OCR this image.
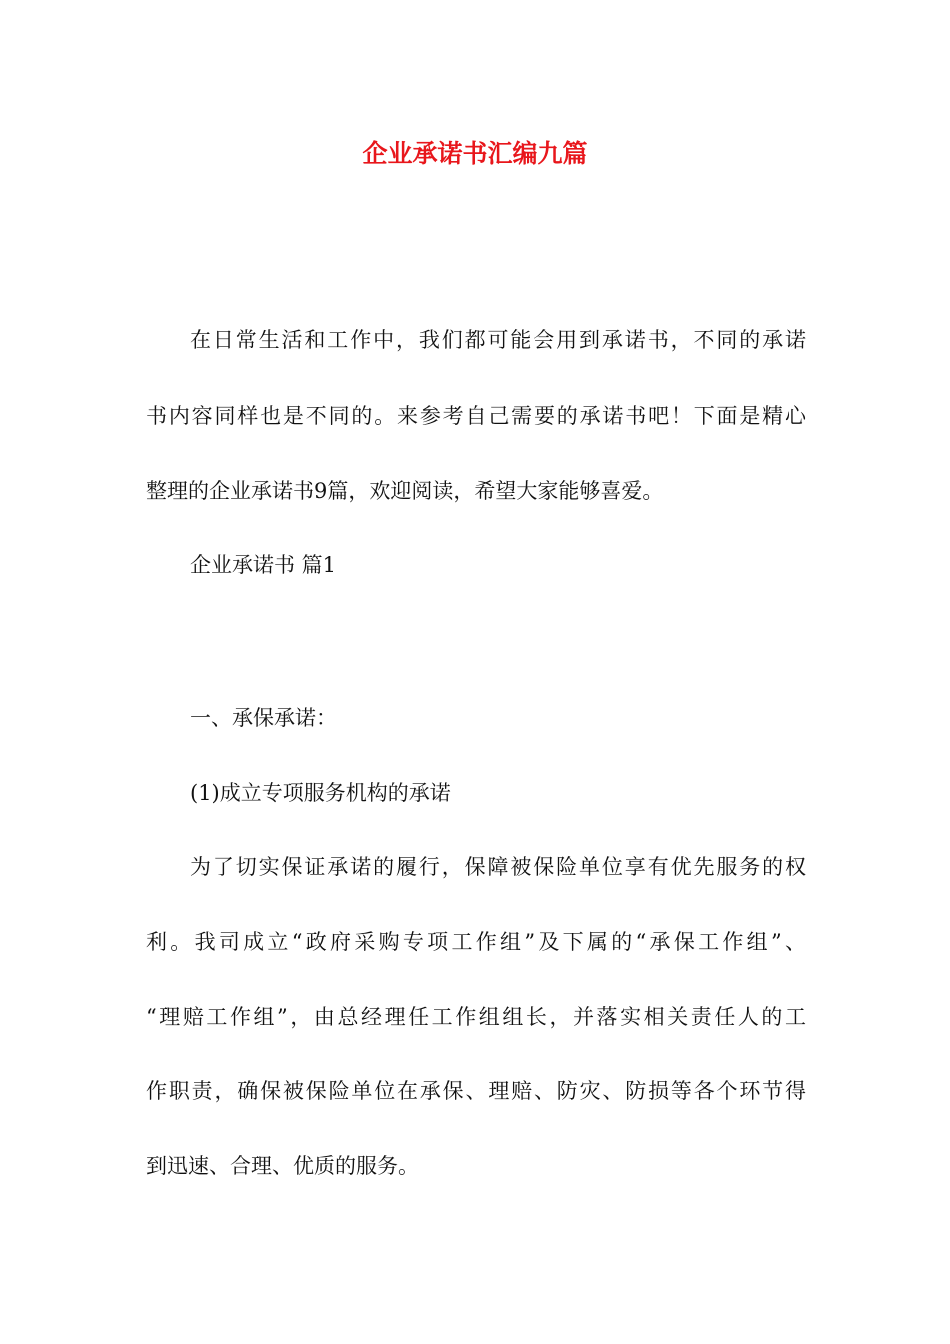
企业承诺书汇编九篇
在日常生活和工作中，我们都可能会用到承诺书，不同的承诺
书内容同样也是不同的。来参考自己需要的承诺书吧！下面是精心
整理的企业承诺书9篇，欢迎阅读，希望大家能够喜爱。
企业承诺书 篇1
一、承保承诺：
(1)成立专项服务机构的承诺
为了切实保证承诺的履行，保障被保险单位享有优先服务的权
利。我司成立“政府采购专项工作组”及下属的“承保工作组”、
“理赔工作组”，由总经理任工作组组长，并落实相关责任人的工
作职责，确保被保险单位在承保、理赔、防灾、防损等各个环节得
到迅速、合理、优质的服务。
